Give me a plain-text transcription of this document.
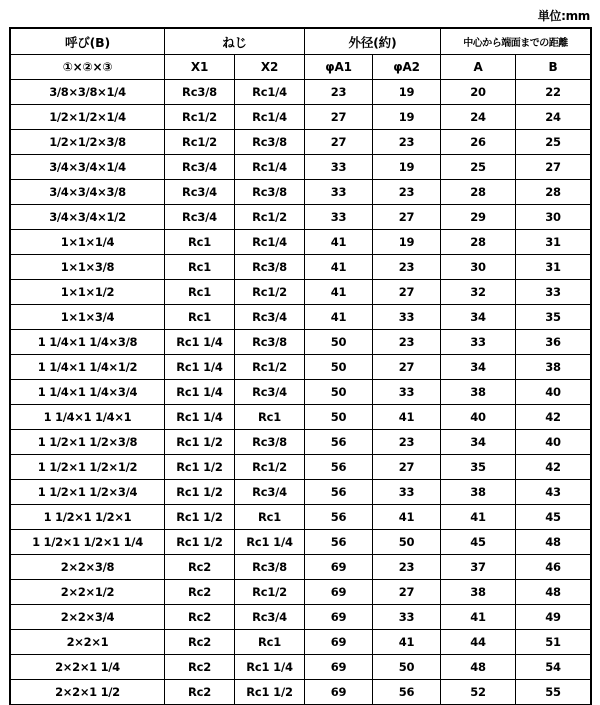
単位:mm
呼び(B)	ねじ		外径(約)		中心から端面までの距離	
①×②×③	X1	X2	φA1	φA2	A	B
3/8×3/8×1/4	Rc3/8	Rc1/4	23	19	20	22
1/2×1/2×1/4	Rc1/2	Rc1/4	27	19	24	24
1/2×1/2×3/8	Rc1/2	Rc3/8	27	23	26	25
3/4×3/4×1/4	Rc3/4	Rc1/4	33	19	25	27
3/4×3/4×3/8	Rc3/4	Rc3/8	33	23	28	28
3/4×3/4×1/2	Rc3/4	Rc1/2	33	27	29	30
1×1×1/4	Rc1	Rc1/4	41	19	28	31
1×1×3/8	Rc1	Rc3/8	41	23	30	31
1×1×1/2	Rc1	Rc1/2	41	27	32	33
1×1×3/4	Rc1	Rc3/4	41	33	34	35
1 1/4×1 1/4×3/8	Rc1 1/4	Rc3/8	50	23	33	36
1 1/4×1 1/4×1/2	Rc1 1/4	Rc1/2	50	27	34	38
1 1/4×1 1/4×3/4	Rc1 1/4	Rc3/4	50	33	38	40
1 1/4×1 1/4×1	Rc1 1/4	Rc1	50	41	40	42
1 1/2×1 1/2×3/8	Rc1 1/2	Rc3/8	56	23	34	40
1 1/2×1 1/2×1/2	Rc1 1/2	Rc1/2	56	27	35	42
1 1/2×1 1/2×3/4	Rc1 1/2	Rc3/4	56	33	38	43
1 1/2×1 1/2×1	Rc1 1/2	Rc1	56	41	41	45
1 1/2×1 1/2×1 1/4	Rc1 1/2	Rc1 1/4	56	50	45	48
2×2×3/8	Rc2	Rc3/8	69	23	37	46
2×2×1/2	Rc2	Rc1/2	69	27	38	48
2×2×3/4	Rc2	Rc3/4	69	33	41	49
2×2×1	Rc2	Rc1	69	41	44	51
2×2×1 1/4	Rc2	Rc1 1/4	69	50	48	54
2×2×1 1/2	Rc2	Rc1 1/2	69	56	52	55
